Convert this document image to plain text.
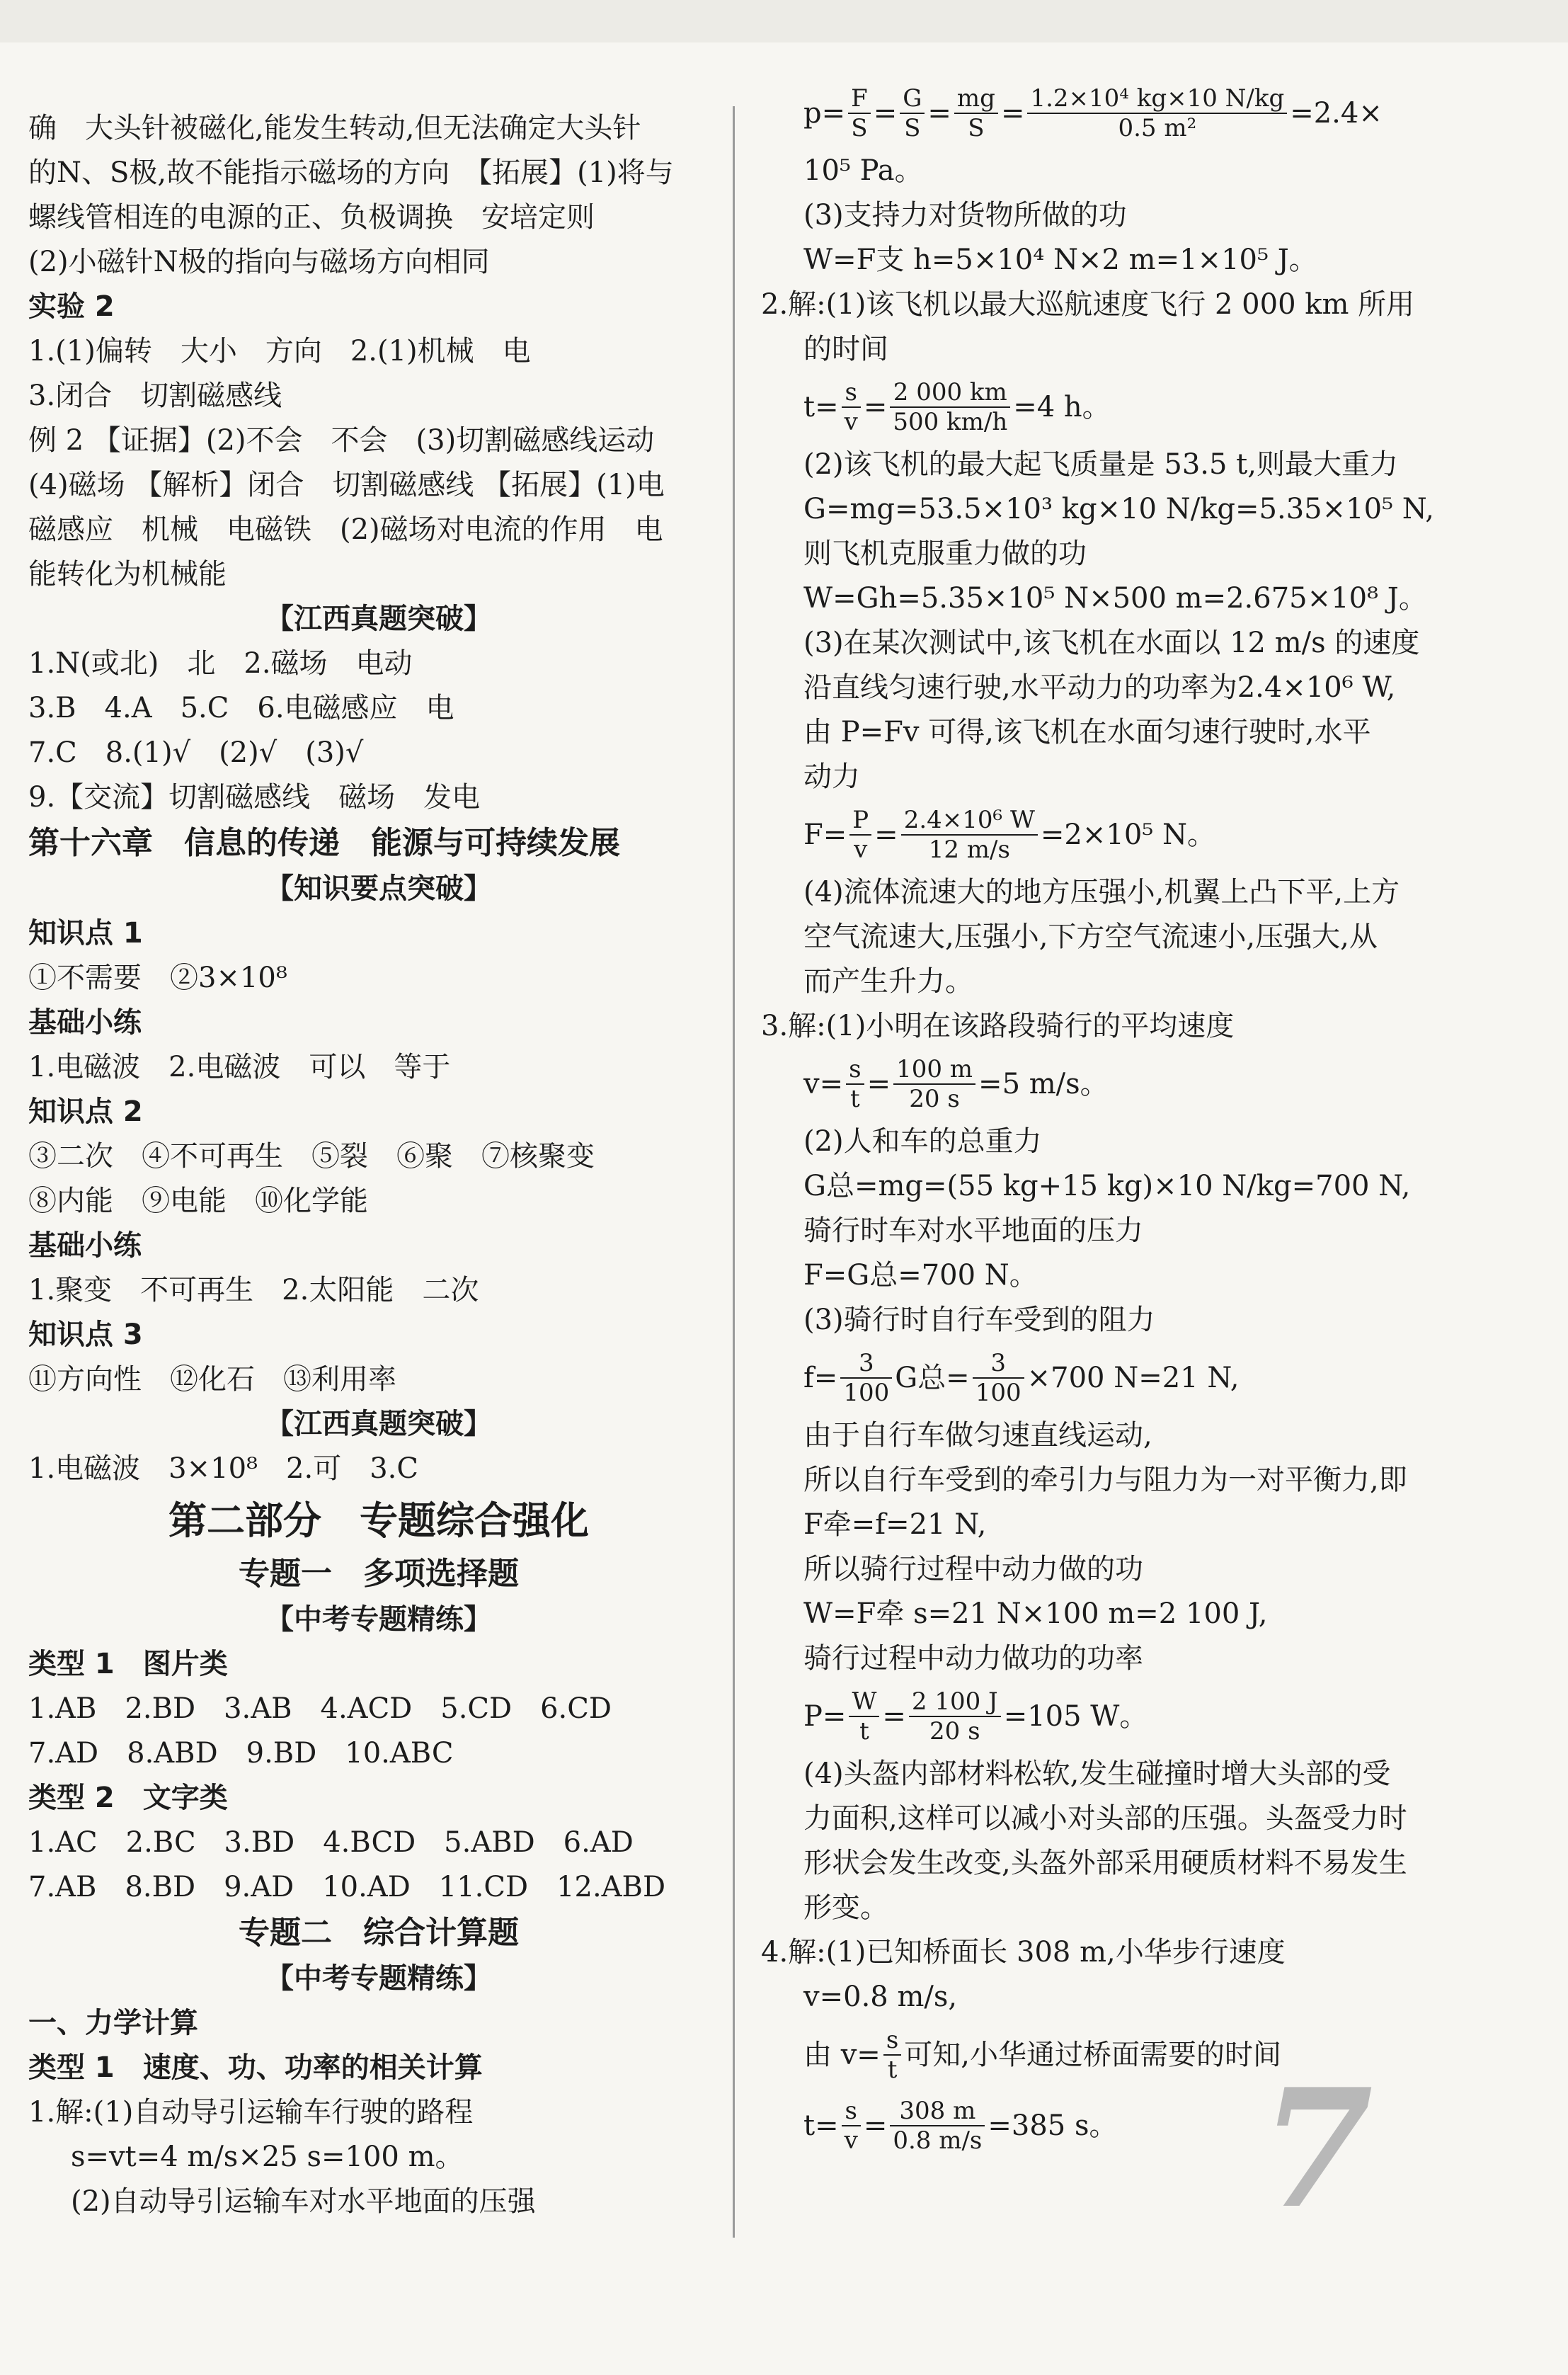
确　大头针被磁化,能发生转动,但无法确定大头针
的N、S极,故不能指示磁场的方向　【拓展】(1)将与
螺线管相连的电源的正、负极调换　安培定则
(2)小磁针N极的指向与磁场方向相同
实验 2
1.(1)偏转　大小　方向　2.(1)机械　电
3.闭合　切割磁感线
例 2 【证据】(2)不会　不会　(3)切割磁感线运动
(4)磁场 【解析】闭合　切割磁感线 【拓展】(1)电
磁感应　机械　电磁铁　(2)磁场对电流的作用　电
能转化为机械能
【江西真题突破】
1.N(或北)　北　2.磁场　电动
3.B　4.A　5.C　6.电磁感应　电
7.C　8.(1)√　(2)√　(3)√
9.【交流】切割磁感线　磁场　发电
第十六章　信息的传递　能源与可持续发展
【知识要点突破】
知识点 1
①不需要　②3×10⁸
基础小练
1.电磁波　2.电磁波　可以　等于
知识点 2
③二次　④不可再生　⑤裂　⑥聚　⑦核聚变
⑧内能　⑨电能　⑩化学能
基础小练
1.聚变　不可再生　2.太阳能　二次
知识点 3
⑪方向性　⑫化石　⑬利用率
【江西真题突破】
1.电磁波　3×10⁸　2.可　3.C
第二部分　专题综合强化
专题一　多项选择题
【中考专题精练】
类型 1　图片类
1.AB　2.BD　3.AB　4.ACD　5.CD　6.CD
7.AD　8.ABD　9.BD　10.ABC
类型 2　文字类
1.AC　2.BC　3.BD　4.BCD　5.ABD　6.AD
7.AB　8.BD　9.AD　10.AD　11.CD　12.ABD
专题二　综合计算题
【中考专题精练】
一、力学计算
类型 1　速度、功、功率的相关计算
1.解:(1)自动导引运输车行驶的路程
s=vt=4 m/s×25 s=100 m。
(2)自动导引运输车对水平地面的压强
$p= \frac{F}{S} = \frac{G}{S} = \frac{mg}{S} = \frac{\text{1.2×10⁴ kg×10 N/kg}}{\text{0.5 m²}} =2.4\times$
10⁵ Pa。
(3)支持力对货物所做的功
W=F支 h=5×10⁴ N×2 m=1×10⁵ J。
2.解:(1)该飞机以最大巡航速度飞行 2 000 km 所用
的时间
$t= \frac{s}{v} = \frac{2 000 km}{500 km/h} =4$ h。
(2)该飞机的最大起飞质量是 53.5 t,则最大重力
G=mg=53.5×10³ kg×10 N/kg=5.35×10⁵ N,
则飞机克服重力做的功
W=Gh=5.35×10⁵ N×500 m=2.675×10⁸ J。
(3)在某次测试中,该飞机在水面以 12 m/s 的速度
沿直线匀速行驶,水平动力的功率为2.4×10⁶ W,
由 P=Fv 可得,该飞机在水面匀速行驶时,水平
动力
$F= \frac{P}{v} = \frac{\text{2.4×10⁶ W}}{12 m/s} =2\times 10^5$ N。
(4)流体流速大的地方压强小,机翼上凸下平,上方
空气流速大,压强小,下方空气流速小,压强大,从
而产生升力。
3.解:(1)小明在该路段骑行的平均速度
$v= \frac{s}{t} = \frac{100 m}{20 s} =5$ m/s。
(2)人和车的总重力
G总=mg=(55 kg+15 kg)×10 N/kg=700 N,
骑行时车对水平地面的压力
F=G总=700 N。
(3)骑行时自行车受到的阻力
$f= \frac{3}{100}$ G总= $\frac{3}{100} \times 700$ N=21 N,
由于自行车做匀速直线运动,
所以自行车受到的牵引力与阻力为一对平衡力,即
F牵=f=21 N,
所以骑行过程中动力做的功
W=F牵 s=21 N×100 m=2 100 J,
骑行过程中动力做功的功率
$P= \frac{W}{t} = \frac{2 100 J}{20 s} =105$ W。
(4)头盔内部材料松软,发生碰撞时增大头部的受
力面积,这样可以减小对头部的压强。头盔受力时
形状会发生改变,头盔外部采用硬质材料不易发生
形变。
4.解:(1)已知桥面长 308 m,小华步行速度
v=0.8 m/s,
由 $v= \frac{s}{t}$ 可知,小华通过桥面需要的时间
$t= \frac{s}{v} = \frac{308 m}{0.8 m/s} =385$ s。 7
